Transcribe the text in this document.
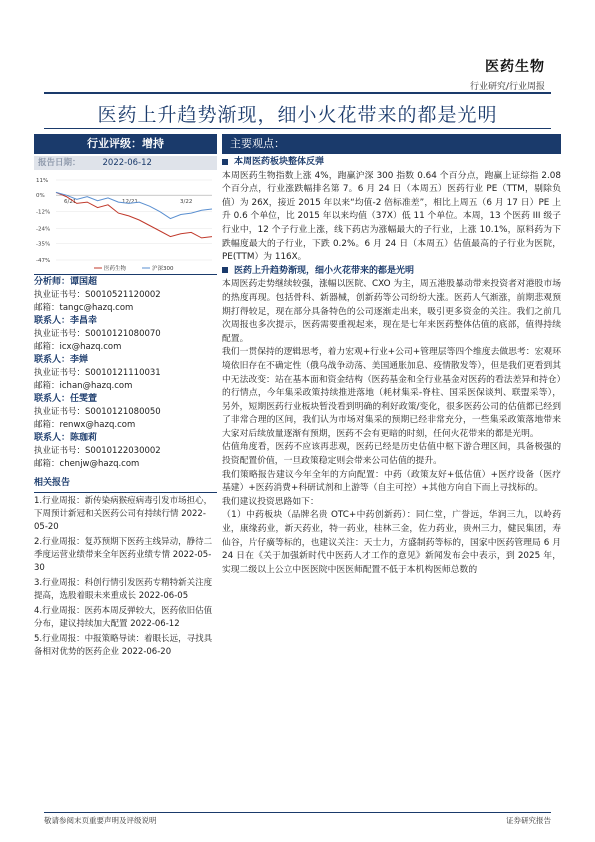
医药生物
行业研究/行业周报
医药上升趋势渐现，细小火花带来的都是光明
行业评级：增持
报告日期：	2022-06-12
11%
0%
-12%
-24%
-35%
-47%
6/21	12/21	3/22
医药生物	沪深300
分析师：谭国超
执业证书号：S0010521120002
邮箱：tangc@hazq.com
联系人：李昌幸
执业证书号：S0010121080070
邮箱：icx@hazq.com
联系人：李婵
执业证书号：S0010121110031
邮箱：ichan@hazq.com
联系人：任雯萱
执业证书号：S0010121080050
邮箱：renwx@hazq.com
联系人：陈珈莉
执业证书号：S0010122030002
邮箱：chenjw@hazq.com
相关报告
1.行业周报：新传染病猴痘病毒引发市场担心，下周预计新冠和关医药公司有持续行情 2022-05-20
2.行业周报：复苏预期下医药主线异动，静待二季度运营业绩带来全年医药业绩专情 2022-05-30
3.行业周报：科创行情引发医药专精特新关注度提高，选股着眼未来重成长 2022-06-05
4.行业周报：医药本周反弹较大，医药依旧估值分布，建议持续加大配置 2022-06-12
5.行业周报：中报策略导读：着眼长远，寻找具备相对优势的医药企业 2022-06-20
主要观点：
本周医药板块整体反弹
本周医药生物指数上涨 4%，跑赢沪深 300 指数 0.64 个百分点，跑赢上证综指 2.08 个百分点，行业涨跌幅排名第 7。6 月 24 日（本周五）医药行业 PE（TTM，剔除负值）为 26X，接近 2015 年以来“均值-2 倍标准差”，相比上周五（6 月 17 日）PE 上升 0.6 个单位，比 2015 年以来均值（37X）低 11 个单位。本周，13 个医药 III 级子行业中，12 个子行业上涨，线下药店为涨幅最大的子行业，上涨 10.1%，原料药为下跌幅度最大的子行业，下跌 0.2%。6 月 24 日（本周五）估值最高的子行业为医院，PE(TTM）为 116X。
医药上升趋势渐现，细小火花带来的都是光明
本周医药走势继续较强，涨幅以医院、CXO 为主，周五港股暴动带来投资者对港股市场的热度再现。包括骨科、新器械，创新药等公司纷纷大涨。医药人气渐涨，前期悲观预期打得较足，现在部分具备特色的公司逐渐走出来，吸引更多资金的关注。我们之前几次周报也多次提示，医药需要重视起来，现在是七年来医药整体估值的底部，值得持续配置。
我们一贯保持的逻辑思考，着力宏观+行业+公司+管理层等四个维度去做思考：宏观环境依旧存在不确定性（俄乌战争动荡、美国通胀加息、疫情散发等），但是我们更看到其中无法改变：站在基本面和资金结构（医药基金和全行业基金对医药的看法差异和持仓）的行情点，今年集采政策持续推进落地（耗材集采-脊柱、国采医保谈判、联盟采等），另外，短期医药行业板块暂没看到明确的利好政策/变化，很多医药公司的估值都已经到了非常合理的区间，我们认为市场对集采的预期已经非常充分，一些集采政策落地带来大家对后续放量逐渐有预期，医药不会有更暗的时刻，任何火花带来的都是光明。
估值角度看，医药不应该再悲观，医药已经是历史估值中枢下游合理区间，具备极强的投资配置价值，一旦政策稳定则会带来公司估值的提升。
我们策略报告建议今年全年的方向配置：中药（政策友好+低估值）+医疗设备（医疗基建）+医药消费+科研试剂和上游等（自主可控）+其他方向自下而上寻找标的。
我们建议投资思路如下：
（1）中药板块（品牌名贵 OTC+中药创新药）：同仁堂，广誉远，华润三九，以岭药业，康缘药业，新天药业，特一药业，桂林三金，佐力药业，贵州三力，健民集团，寿仙谷，片仔癀等标的，也建议关注：天士力，方盛制药等标的，国家中医药管理局 6 月 24 日在《关于加强新时代中医药人才工作的意见》新闻发布会中表示，到 2025 年，实现二级以上公立中医医院中医医师配置不低于本机构医师总数的
敬请参阅末页重要声明及评级说明	证券研究报告
